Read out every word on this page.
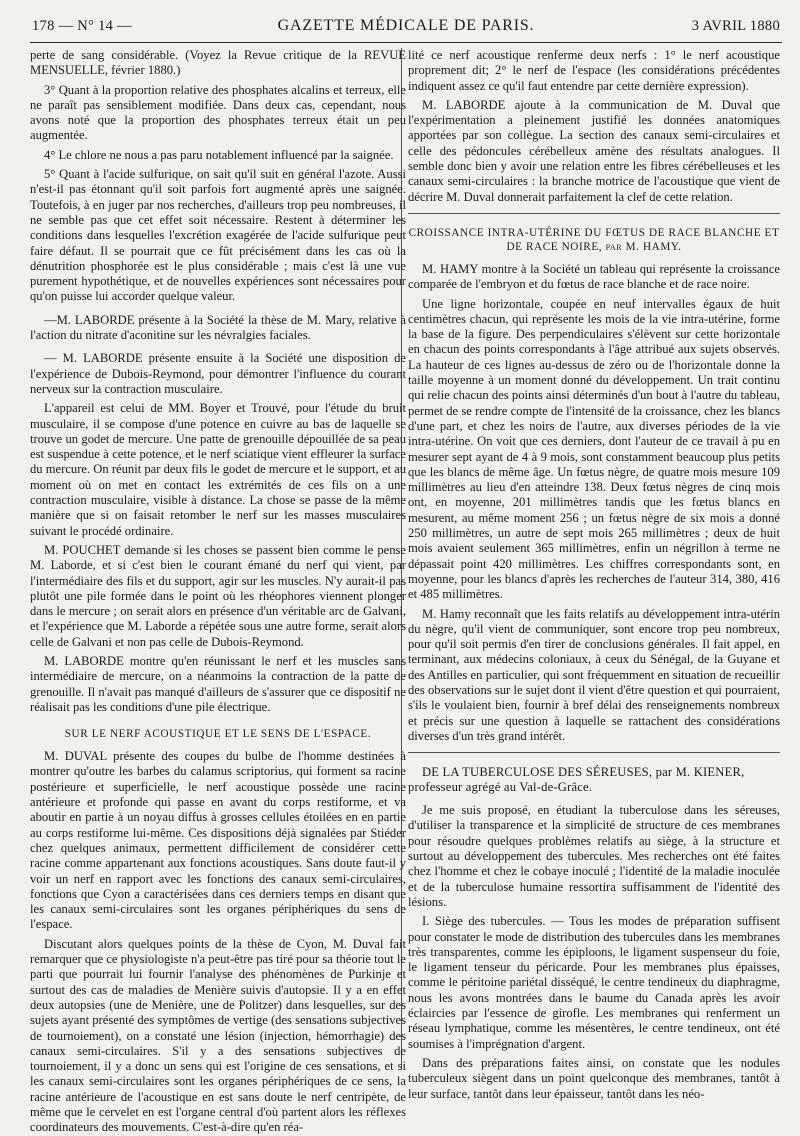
178 — N° 14 —	GAZETTE MÉDICALE DE PARIS.	3 AVRIL 1880

perte de sang considérable. (Voyez la Revue critique de la REVUE MENSUELLE, février 1880.)

3° Quant à la proportion relative des phosphates alcalins et terreux, elle ne paraît pas sensiblement modifiée. Dans deux cas, cependant, nous avons noté que la proportion des phosphates terreux était un peu augmentée.

4° Le chlore ne nous a pas paru notablement influencé par la saignée.

5° Quant à l'acide sulfurique, on sait qu'il suit en général l'azote. Aussi n'est-il pas étonnant qu'il soit parfois fort augmenté après une saignée. Toutefois, à en juger par nos recherches, d'ailleurs trop peu nombreuses, il ne semble pas que cet effet soit nécessaire. Restent à déterminer les conditions dans lesquelles l'excrétion exagérée de l'acide sulfurique peut faire défaut. Il se pourrait que ce fût précisément dans les cas où la dénutrition phosphorée est le plus considérable ; mais c'est là une vue purement hypothétique, et de nouvelles expériences sont nécessaires pour qu'on puisse lui accorder quelque valeur.

—M. LABORDE présente à la Société la thèse de M. Mary, relative à l'action du nitrate d'aconitine sur les névralgies faciales.

— M. LABORDE présente ensuite à la Société une disposition de l'expérience de Dubois-Reymond, pour démontrer l'influence du courant nerveux sur la contraction musculaire.

L'appareil est celui de MM. Boyer et Trouvé, pour l'étude du bruit musculaire, il se compose d'une potence en cuivre au bas de laquelle se trouve un godet de mercure. Une patte de grenouille dépouillée de sa peau est suspendue à cette potence, et le nerf sciatique vient effleurer la surface du mercure. On réunit par deux fils le godet de mercure et le support, et au moment où on met en contact les extrémités de ces fils on a une contraction musculaire, visible à distance. La chose se passe de la même manière que si on faisait retomber le nerf sur les masses musculaires suivant le procédé ordinaire.

M. POUCHET demande si les choses se passent bien comme le pense M. Laborde, et si c'est bien le courant émané du nerf qui vient, par l'intermédiaire des fils et du support, agir sur les muscles. N'y aurait-il pas plutôt une pile formée dans le point où les rhéophores viennent plonger dans le mercure ; on serait alors en présence d'un véritable arc de Galvani, et l'expérience que M. Laborde a répétée sous une autre forme, serait alors celle de Galvani et non pas celle de Dubois-Reymond.

M. LABORDE montre qu'en réunissant le nerf et les muscles sans intermédiaire de mercure, on a néanmoins la contraction de la patte de grenouille. Il n'avait pas manqué d'ailleurs de s'assurer que ce dispositif ne réalisait pas les conditions d'une pile électrique.

SUR LE NERF ACOUSTIQUE ET LE SENS DE L'ESPACE.

M. DUVAL présente des coupes du bulbe de l'homme destinées à montrer qu'outre les barbes du calamus scriptorius, qui forment sa racine postérieure et superficielle, le nerf acoustique possède une racine antérieure et profonde qui passe en avant du corps restiforme, et va aboutir en partie à un noyau diffus à grosses cellules étoilées en en partie au corps restiforme lui-même. Ces dispositions déjà signalées par Stiéder chez quelques animaux, permettent difficilement de considérer cette racine comme appartenant aux fonctions acoustiques. Sans doute faut-il y voir un nerf en rapport avec les fonctions des canaux semi-circulaires, fonctions que Cyon a caractérisées dans ces derniers temps en disant que les canaux semi-circulaires sont les organes périphériques du sens de l'espace.

Discutant alors quelques points de la thèse de Cyon, M. Duval fait remarquer que ce physiologiste n'a peut-être pas tiré pour sa théorie tout le parti que pourrait lui fournir l'analyse des phénomènes de Purkinje et surtout des cas de maladies de Menière suivis d'autopsie. Il y a en effet deux autopsies (une de Menière, une de Politzer) dans lesquelles, sur des sujets ayant présenté des symptômes de vertige (des sensations subjectives de tournoiement), on a constaté une lésion (injection, hémorrhagie) des canaux semi-circulaires. S'il y a des sensations subjectives de tournoiement, il y a donc un sens qui est l'origine de ces sensations, et si les canaux semi-circulaires sont les organes périphériques de ce sens, la racine antérieure de l'acoustique en est sans doute le nerf centripète, de même que le cervelet en est l'organe central d'où partent alors les réflexes coordinateurs des mouvements. C'est-à-dire qu'en réa-

lité ce nerf acoustique renferme deux nerfs : 1° le nerf acoustique proprement dit; 2° le nerf de l'espace (les considérations précédentes indiquent assez ce qu'il faut entendre par cette dernière expression).

M. LABORDE ajoute à la communication de M. Duval que l'expérimentation a pleinement justifié les données anatomiques apportées par son collègue. La section des canaux semi-circulaires et celle des pédoncules cérébelleux amène des résultats analogues. Il semble donc bien y avoir une relation entre les fibres cérébelleuses et les canaux semi-circulaires : la branche motrice de l'acoustique que vient de décrire M. Duval donnerait parfaitement la clef de cette relation.

CROISSANCE INTRA-UTÉRINE DU FŒTUS DE RACE BLANCHE ET DE RACE NOIRE, par M. HAMY.

M. HAMY montre à la Société un tableau qui représente la croissance comparée de l'embryon et du fœtus de race blanche et de race noire.

Une ligne horizontale, coupée en neuf intervalles égaux de huit centimètres chacun, qui représente les mois de la vie intra-utérine, forme la base de la figure. Des perpendiculaires s'élèvent sur cette horizontale en chacun des points correspondants à l'âge attribué aux sujets observés. La hauteur de ces lignes au-dessus de zéro ou de l'horizontale donne la taille moyenne à un moment donné du développement. Un trait continu qui relie chacun des points ainsi déterminés d'un bout à l'autre du tableau, permet de se rendre compte de l'intensité de la croissance, chez les blancs d'une part, et chez les noirs de l'autre, aux diverses périodes de la vie intra-utérine. On voit que ces derniers, dont l'auteur de ce travail à pu en mesurer sept ayant de 4 à 9 mois, sont constamment beaucoup plus petits que les blancs de même âge. Un fœtus nègre, de quatre mois mesure 109 millimètres au lieu d'en atteindre 138. Deux fœtus nègres de cinq mois ont, en moyenne, 201 millimètres tandis que les fœtus blancs en mesurent, au même moment 256 ; un fœtus nègre de six mois a donné 250 millimètres, un autre de sept mois 265 millimètres ; deux de huit mois avaient seulement 365 millimètres, enfin un négrillon à terme ne dépassait point 420 millimètres. Les chiffres correspondants sont, en moyenne, pour les blancs d'après les recherches de l'auteur 314, 380, 416 et 485 millimètres.

M. Hamy reconnaît que les faits relatifs au développement intra-utérin du nègre, qu'il vient de communiquer, sont encore trop peu nombreux, pour qu'il soit permis d'en tirer de conclusions générales. Il fait appel, en terminant, aux médecins coloniaux, à ceux du Sénégal, de la Guyane et des Antilles en particulier, qui sont fréquemment en situation de recueillir des observations sur le sujet dont il vient d'être question et qui pourraient, s'ils le voulaient bien, fournir à bref délai des renseignements nombreux et précis sur une question à laquelle se rattachent des considérations diverses d'un très grand intérêt.

DE LA TUBERCULOSE DES SÉREUSES, par M. KIENER, professeur agrégé au Val-de-Grâce.

Je me suis proposé, en étudiant la tuberculose dans les séreuses, d'utiliser la transparence et la simplicité de structure de ces membranes pour résoudre quelques problèmes relatifs au siège, à la structure et surtout au développement des tubercules. Mes recherches ont été faites chez l'homme et chez le cobaye inoculé ; l'identité de la maladie inoculée et de la tuberculose humaine ressortira suffisamment de l'identité des lésions.

I. Siège des tubercules. — Tous les modes de préparation suffisent pour constater le mode de distribution des tubercules dans les membranes très transparentes, comme les épiploons, le ligament suspenseur du foie, le ligament tenseur du péricarde. Pour les membranes plus épaisses, comme le péritoine pariétal disséqué, le centre tendineux du diaphragme, nous les avons montrées dans le baume du Canada après les avoir éclaircies par l'essence de girofle. Les membranes qui renferment un réseau lymphatique, comme les mésentères, le centre tendineux, ont été soumises à l'imprégnation d'argent.

Dans des préparations faites ainsi, on constate que les nodules tuberculeux siègent dans un point quelconque des membranes, tantôt à leur surface, tantôt dans leur épaisseur, tantôt dans les néo-
